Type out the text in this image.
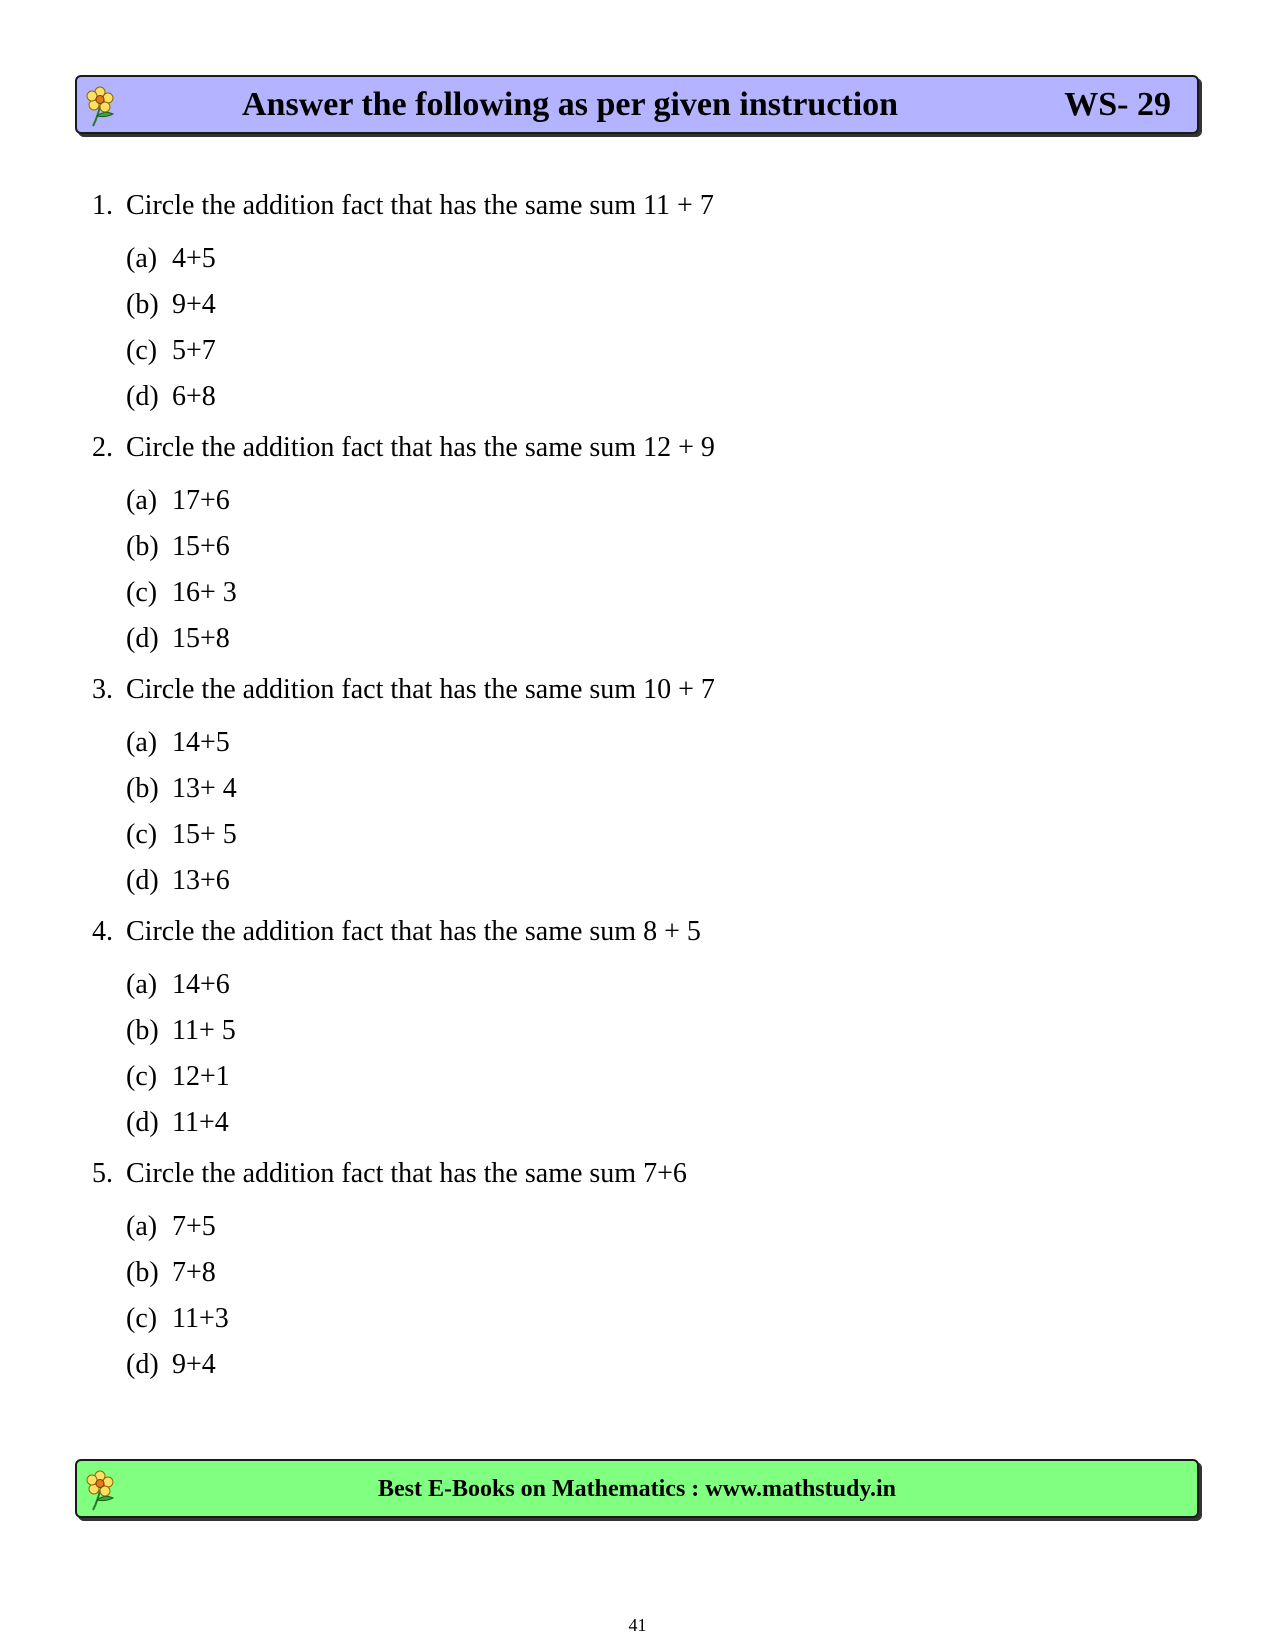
Answer the following as per given instruction	WS- 29
1. Circle the addition fact that has the same sum 11 + 7
(a) 4+5
(b) 9+4
(c) 5+7
(d) 6+8
2. Circle the addition fact that has the same sum 12 + 9
(a) 17+6
(b) 15+6
(c) 16+ 3
(d) 15+8
3. Circle the addition fact that has the same sum 10 + 7
(a) 14+5
(b) 13+ 4
(c) 15+ 5
(d) 13+6
4. Circle the addition fact that has the same sum 8 + 5
(a) 14+6
(b) 11+ 5
(c) 12+1
(d) 11+4
5. Circle the addition fact that has the same sum 7+6
(a) 7+5
(b) 7+8
(c) 11+3
(d) 9+4
Best E-Books on Mathematics : www.mathstudy.in
41
